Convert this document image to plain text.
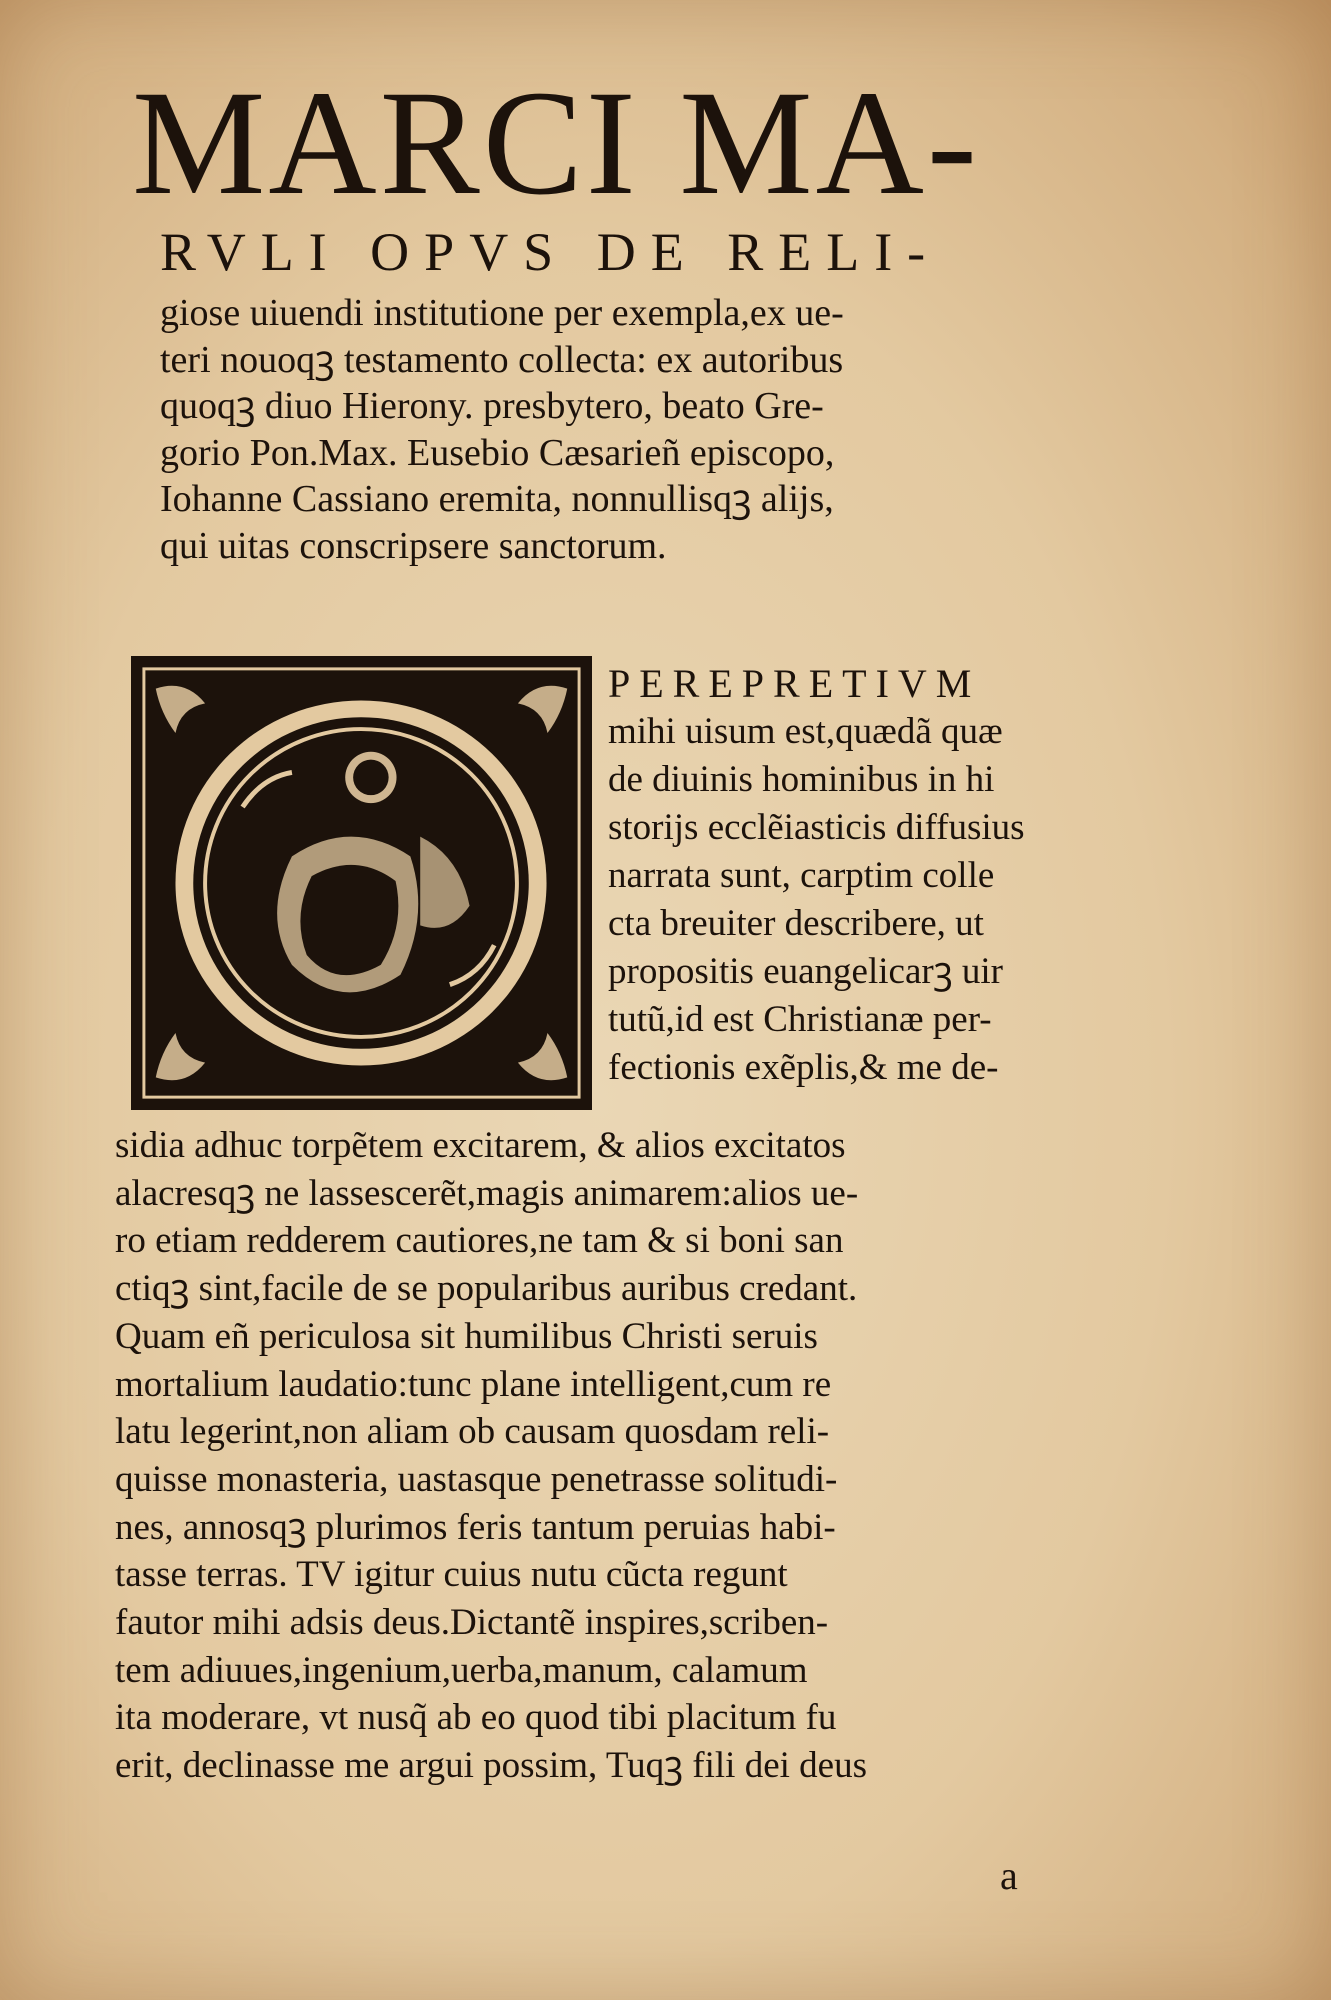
MARCI MA-
RVLI OPVS DE RELI-
giose uiuendi institutione per exempla,ex ue-
teri nouoqꝫ testamento collecta: ex autoribus
quoqꝫ diuo Hierony. presbytero, beato Gre-
gorio Pon.Max. Eusebio Cæsarieñ episcopo,
Iohanne Cassiano eremita, nonnullisqꝫ alijs,
qui uitas conscripsere sanctorum.
PEREPRETIVM
mihi uisum est,quædã quæ
de diuinis hominibus in hi
storijs ecclẽiasticis diffusius
narrata sunt, carptim colle
cta breuiter describere, ut
propositis euangelicarꝫ uir
tutũ,id est Christianæ per-
fectionis exẽplis,& me de-
sidia adhuc torpẽtem excitarem, & alios excitatos
alacresqꝫ ne lassescerẽt,magis animarem:alios ue-
ro etiam redderem cautiores,ne tam & si boni san
ctiqꝫ sint,facile de se popularibus auribus credant.
Quam eñ periculosa sit humilibus Christi seruis
mortalium laudatio:tunc plane intelligent,cum re
latu legerint,non aliam ob causam quosdam reli-
quisse monasteria, uastasque penetrasse solitudi-
nes, annosqꝫ plurimos feris tantum peruias habi-
tasse terras. TV igitur cuius nutu cũcta regunt
fautor mihi adsis deus.Dictantẽ inspires,scriben-
tem adiuues,ingenium,uerba,manum, calamum
ita moderare, vt nusq̃ ab eo quod tibi placitum fu
erit, declinasse me argui possim, Tuqꝫ fili dei deus
a
